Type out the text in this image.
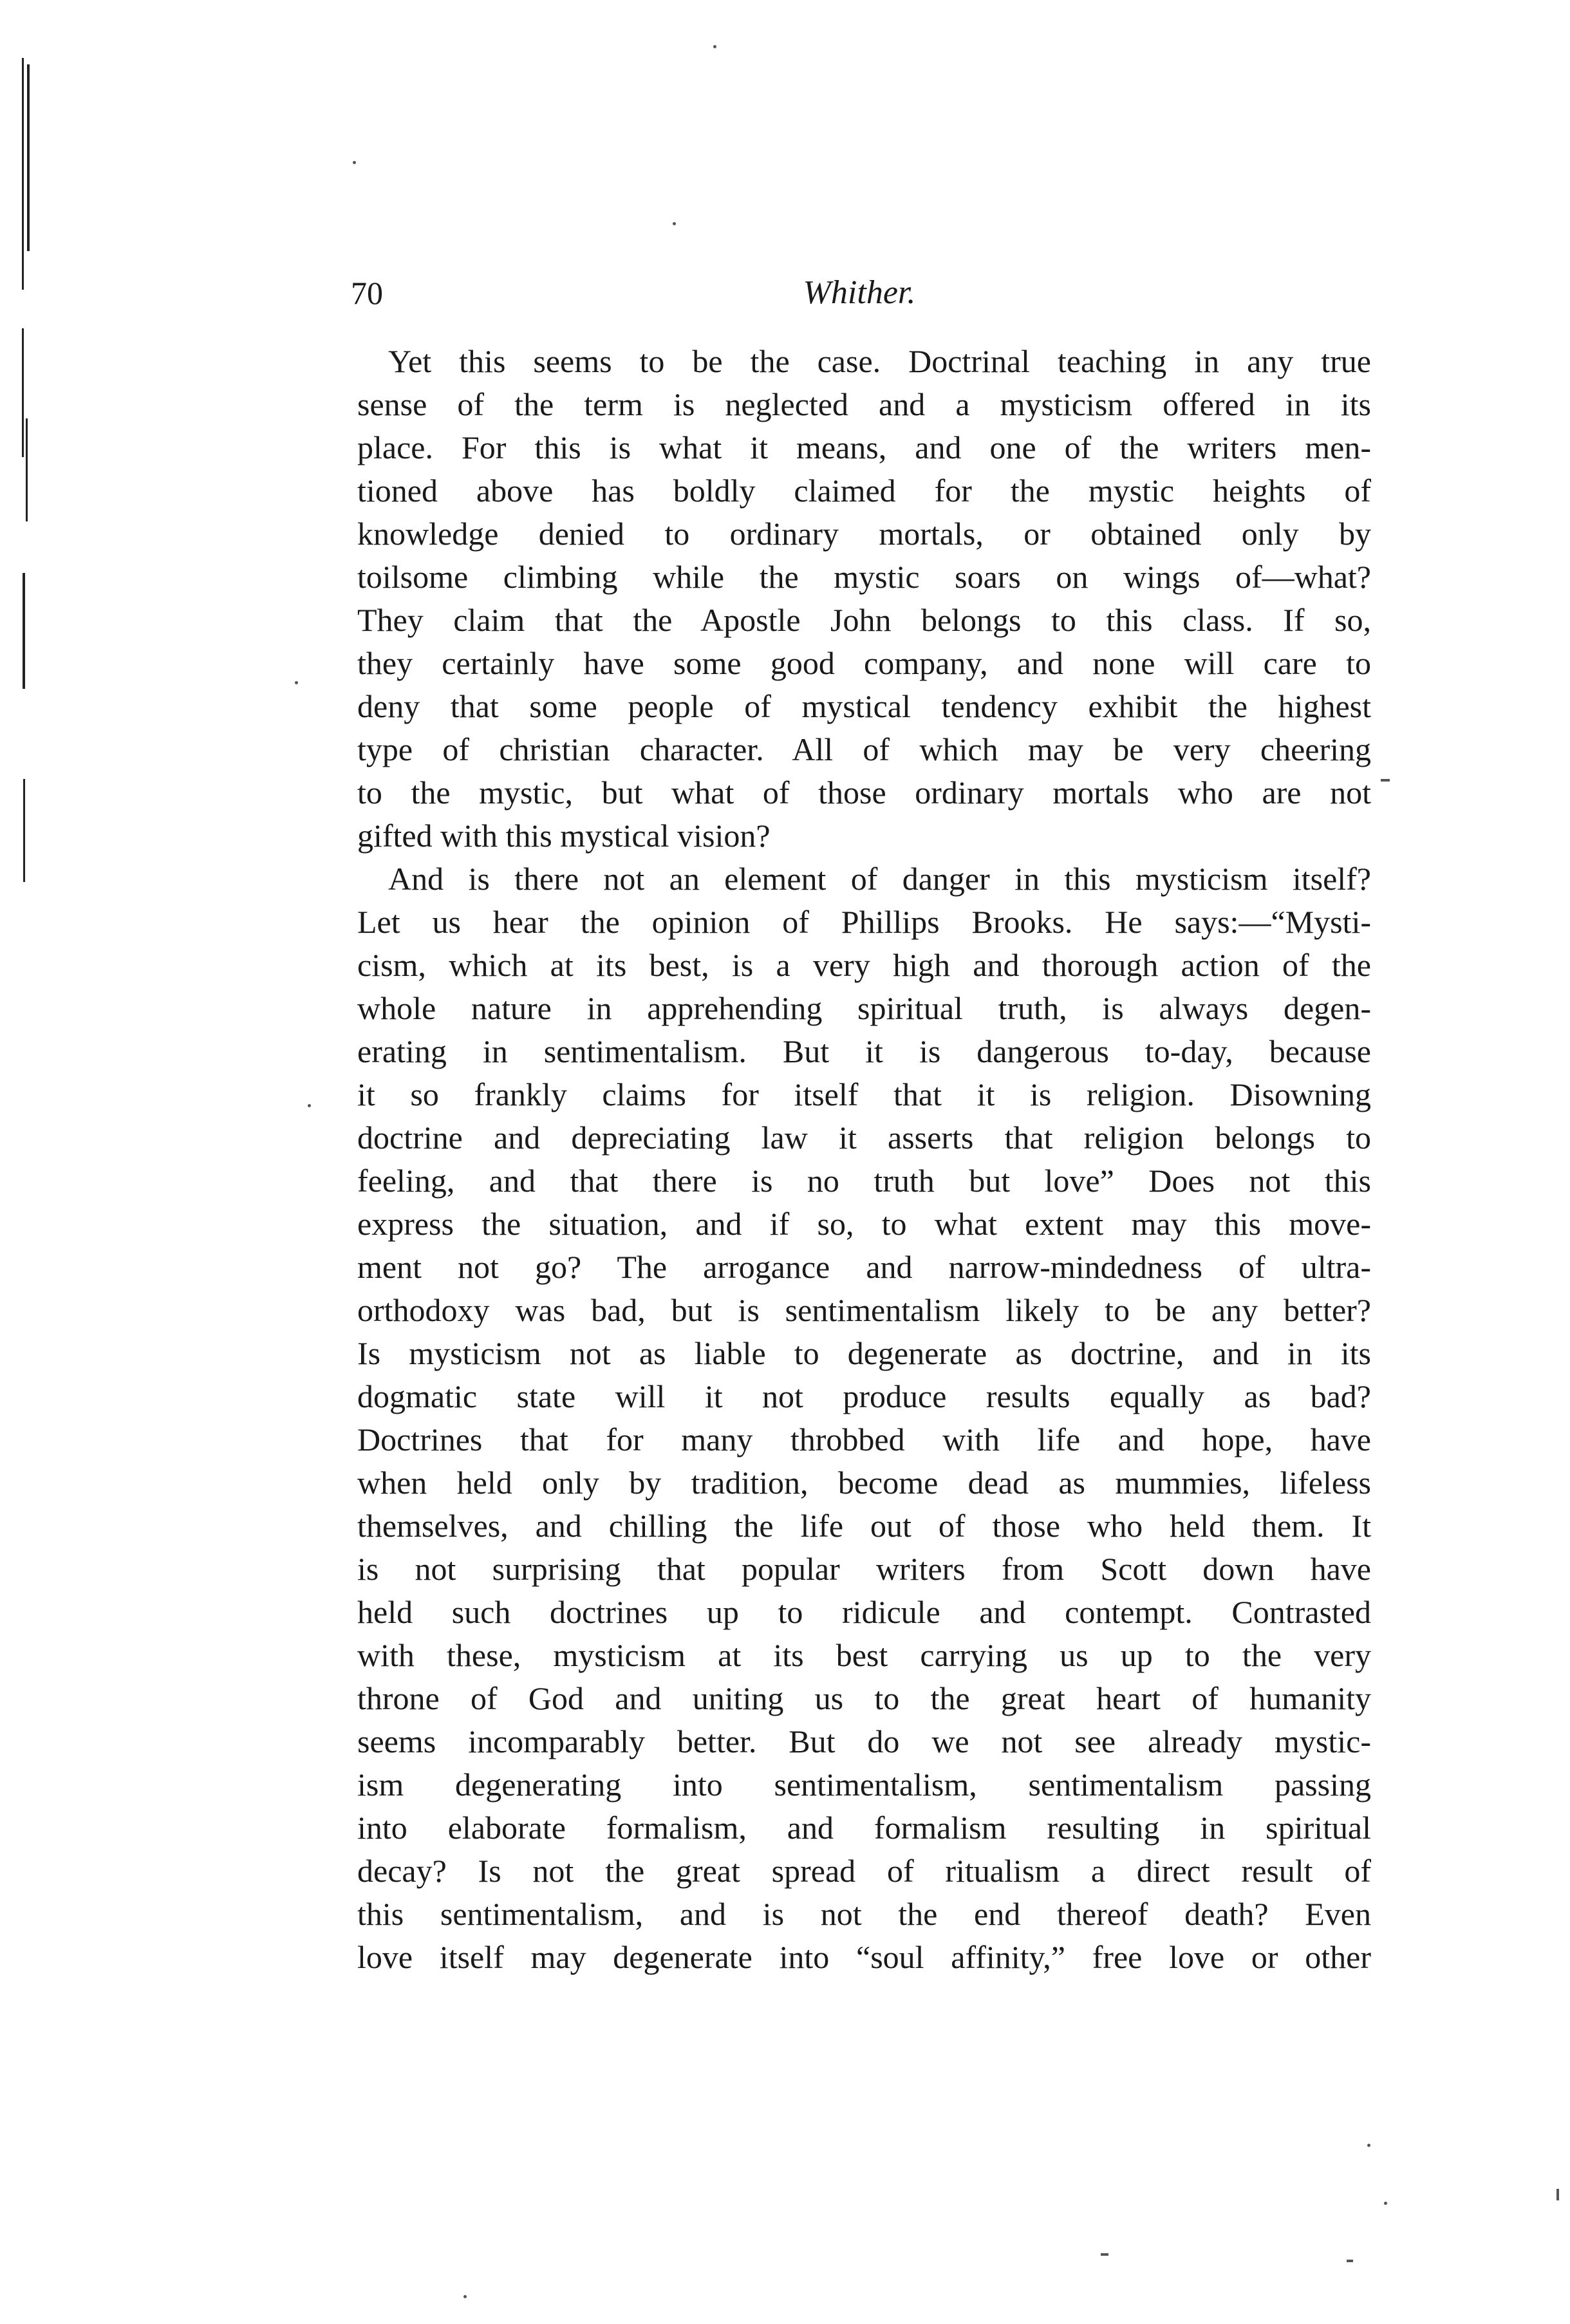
70	Whither.
Yet this seems to be the case. Doctrinal teaching in any true
sense of the term is neglected and a mysticism offered in its
place. For this is what it means, and one of the writers men-
tioned above has boldly claimed for the mystic heights of
knowledge denied to ordinary mortals, or obtained only by
toilsome climbing while the mystic soars on wings of—what?
They claim that the Apostle John belongs to this class. If so,
they certainly have some good company, and none will care to
deny that some people of mystical tendency exhibit the highest
type of christian character. All of which may be very cheering
to the mystic, but what of those ordinary mortals who are not
gifted with this mystical vision?
And is there not an element of danger in this mysticism itself?
Let us hear the opinion of Phillips Brooks. He says:—“Mysti-
cism, which at its best, is a very high and thorough action of the
whole nature in apprehending spiritual truth, is always degen-
erating in sentimentalism. But it is dangerous to-day, because
it so frankly claims for itself that it is religion. Disowning
doctrine and depreciating law it asserts that religion belongs to
feeling, and that there is no truth but love” Does not this
express the situation, and if so, to what extent may this move-
ment not go? The arrogance and narrow-mindedness of ultra-
orthodoxy was bad, but is sentimentalism likely to be any better?
Is mysticism not as liable to degenerate as doctrine, and in its
dogmatic state will it not produce results equally as bad?
Doctrines that for many throbbed with life and hope, have
when held only by tradition, become dead as mummies, lifeless
themselves, and chilling the life out of those who held them. It
is not surprising that popular writers from Scott down have
held such doctrines up to ridicule and contempt. Contrasted
with these, mysticism at its best carrying us up to the very
throne of God and uniting us to the great heart of humanity
seems incomparably better. But do we not see already mystic-
ism degenerating into sentimentalism, sentimentalism passing
into elaborate formalism, and formalism resulting in spiritual
decay? Is not the great spread of ritualism a direct result of
this sentimentalism, and is not the end thereof death? Even
love itself may degenerate into “soul affinity,” free love or other
